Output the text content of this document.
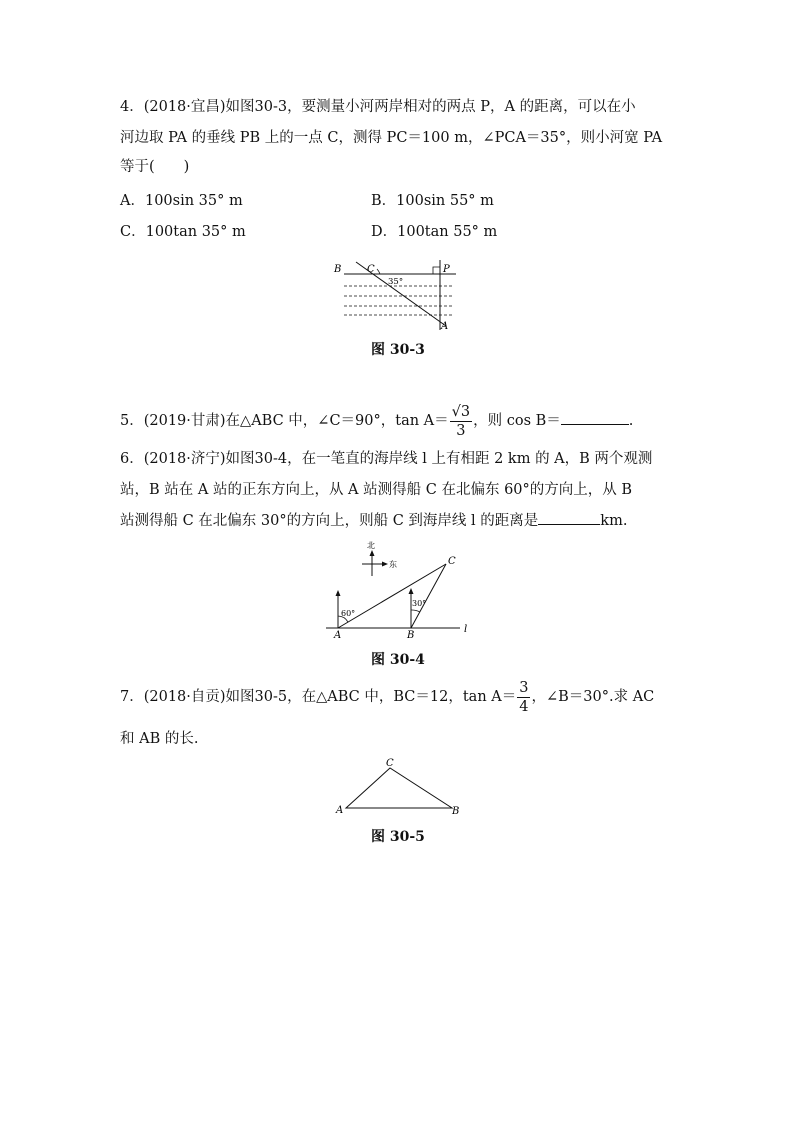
4．(2018·宜昌)如图30-3，要测量小河两岸相对的两点 P，A 的距离，可以在小
河边取 PA 的垂线 PB 上的一点 C，测得 PC＝100 m，∠PCA＝35°，则小河宽 PA
等于(　　)
A．100sin 35° m	B．100sin 55° m
C．100tan 35° m	D．100tan 55° m
B	C	P
A
35°
图 30-3
5．(2019·甘肃)在△ABC 中，∠C＝90°，$\tan A= \frac{√3}{3}$ ，则 cos B＝	.
6．(2018·济宁)如图30-4，在一笔直的海岸线 l 上有相距 2 km 的 A，B 两个观测
站，B 站在 A 站的正东方向上，从 A 站测得船 C 在北偏东 60°的方向上，从 B
站测得船 C 在北偏东 30°的方向上，则船 C 到海岸线 l 的距离是	km.
北
东
60°
30°
C
A	B
l
图 30-4
7．(2018·自贡)如图30-5，在△ABC 中，BC＝12，$\tan A= \frac{3}{4}$ ，∠B＝30°.求 AC
和 AB 的长.
A
C
B
图 30-5
